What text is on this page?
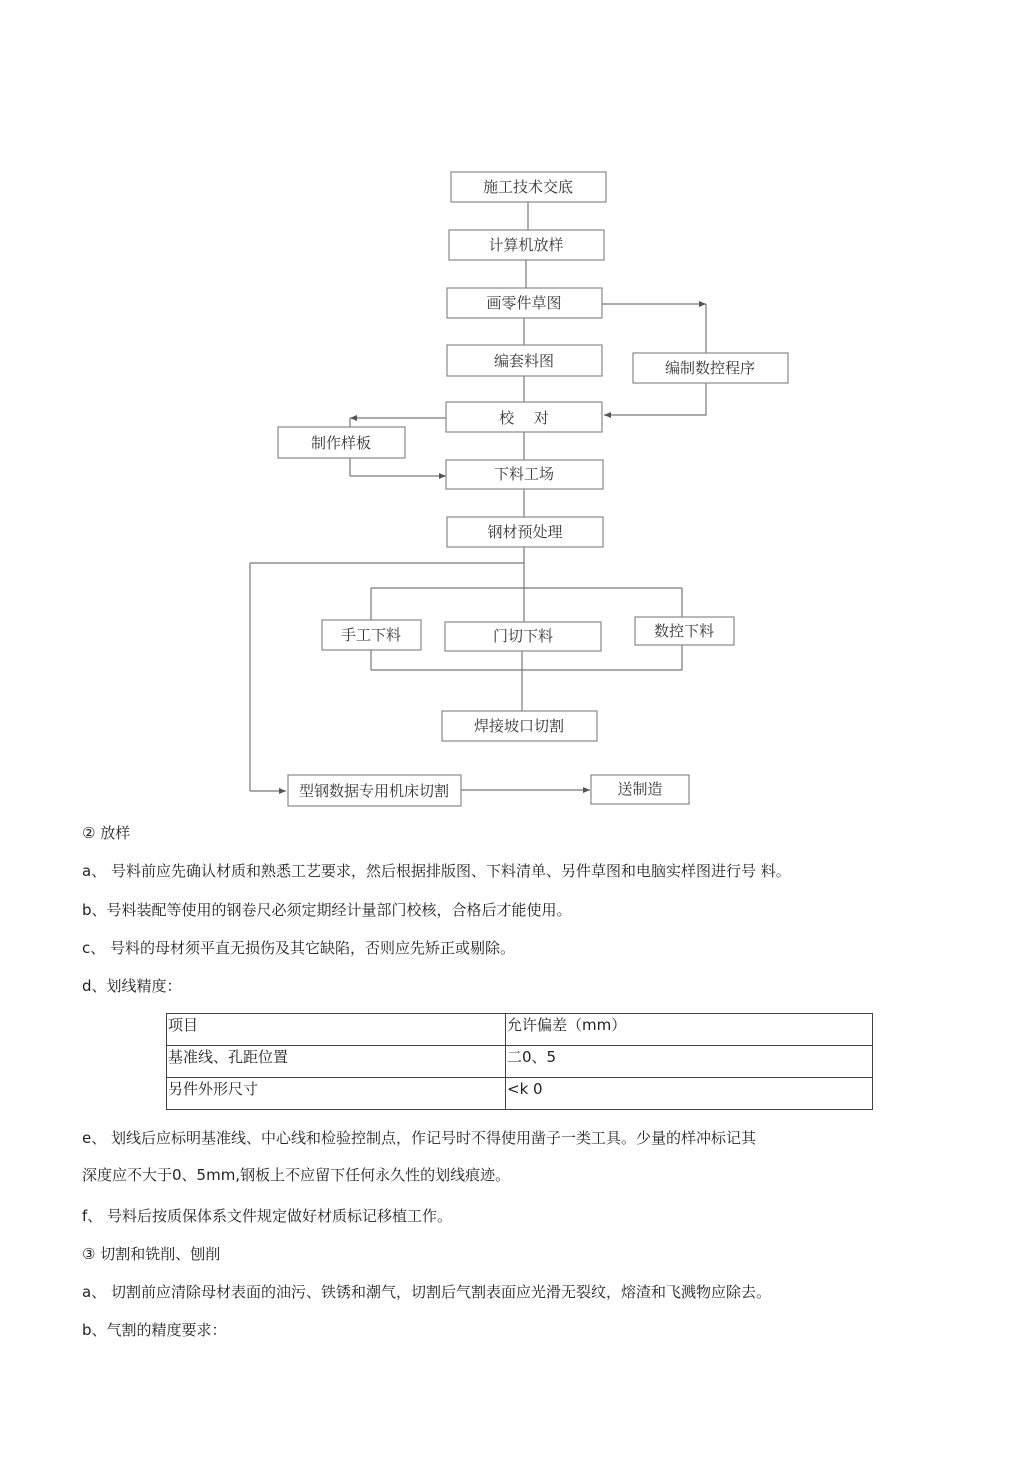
施工技术交底
计算机放样
画零件草图
编套料图	编制数控程序
校　 对
制作样板
下料工场
钢材预处理
手工下料	门切下料	数控下料
焊接坡口切割
型钢数据专用机床切割	送制造
② 放样
a、 号料前应先确认材质和熟悉工艺要求，然后根据排版图、下料清单、另件草图和电脑实样图进行号 料。
b、号料装配等使用的钢卷尺必须定期经计量部门校核，合格后才能使用。
c、 号料的母材须平直无损伤及其它缺陷，否则应先矫正或剔除。
d、划线精度：
项目	允许偏差（mm）
基准线、孔距位置	二0、5
另件外形尺寸	<k 0
e、 划线后应标明基准线、中心线和检验控制点，作记号时不得使用凿子一类工具。少量的样冲标记其
深度应不大于0、5mm,钢板上不应留下任何永久性的划线痕迹。
f、 号料后按质保体系文件规定做好材质标记移植工作。
③ 切割和铣削、刨削
a、 切割前应清除母材表面的油污、铁锈和潮气，切割后气割表面应光滑无裂纹，熔渣和飞溅物应除去。
b、气割的精度要求：
